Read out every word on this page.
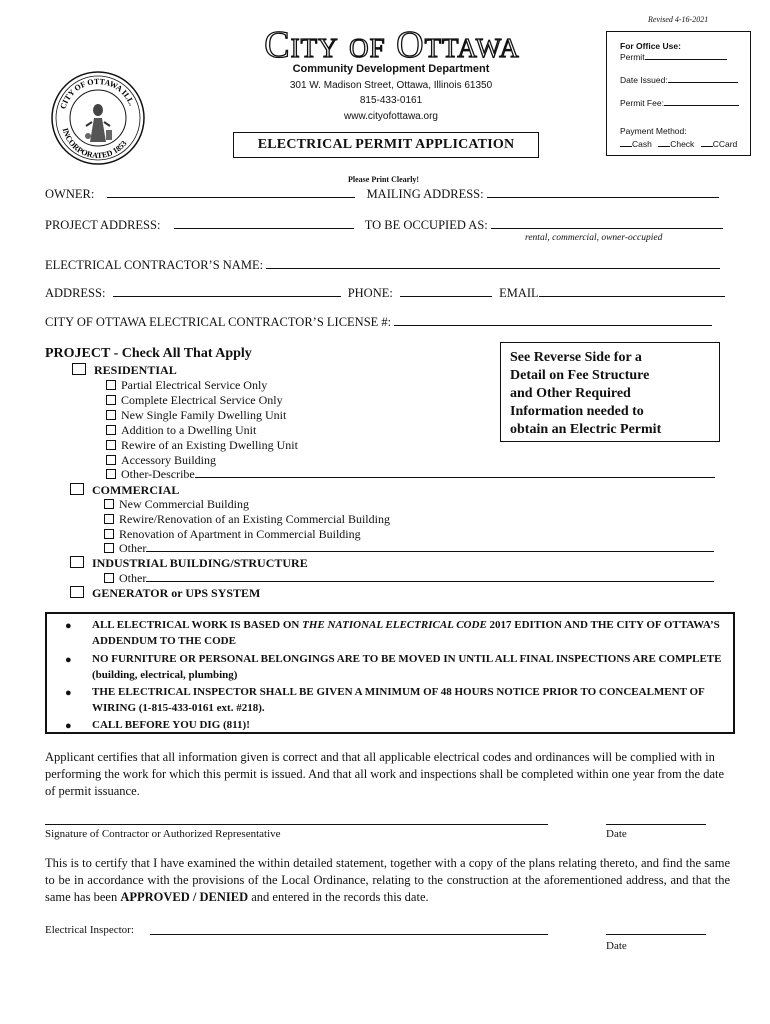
CITY OF OTTAWA ILL.
INCORPORATED 1853
City of Ottawa
Community Development Department
301 W. Madison Street, Ottawa, Illinois 61350
815-433-0161
www.cityofottawa.org
ELECTRICAL PERMIT APPLICATION
Revised 4-16-2021
For Office Use:
Permit
Date Issued:
Permit Fee:
Payment Method:
Cash Check CCard
Please Print Clearly!
OWNER:	MAILING ADDRESS:
PROJECT ADDRESS:	TO BE OCCUPIED AS:
rental, commercial, owner-occupied
ELECTRICAL CONTRACTOR’S NAME:
ADDRESS:	PHONE:	EMAIL
CITY OF OTTAWA ELECTRICAL CONTRACTOR’S LICENSE #:
PROJECT - Check All That Apply
RESIDENTIAL
Partial Electrical Service Only
Complete Electrical Service Only
New Single Family Dwelling Unit
Addition to a Dwelling Unit
Rewire of an Existing Dwelling Unit
Accessory Building
Other-Describe
COMMERCIAL
New Commercial Building
Rewire/Renovation of an Existing Commercial Building
Renovation of Apartment in Commercial Building
Other
INDUSTRIAL BUILDING/STRUCTURE
Other
GENERATOR or UPS SYSTEM
See Reverse Side for a
Detail on Fee Structure
and Other Required
Information needed to
obtain an Electric Permit
● ALL ELECTRICAL WORK IS BASED ON THE NATIONAL ELECTRICAL CODE 2017 EDITION AND THE CITY OF OTTAWA’S ADDENDUM TO THE CODE
● NO FURNITURE OR PERSONAL BELONGINGS ARE TO BE MOVED IN UNTIL ALL FINAL INSPECTIONS ARE COMPLETE (building, electrical, plumbing)
● THE ELECTRICAL INSPECTOR SHALL BE GIVEN A MINIMUM OF 48 HOURS NOTICE PRIOR TO CONCEALMENT OF WIRING (1-815-433-0161 ext. #218).
● CALL BEFORE YOU DIG (811)!
Applicant certifies that all information given is correct and that all applicable electrical codes and ordinances will be complied with in performing the work for which this permit is issued. And that all work and inspections shall be completed within one year from the date of permit issuance.
Signature of Contractor or Authorized Representative	Date
This is to certify that I have examined the within detailed statement, together with a copy of the plans relating thereto, and find the same to be in accordance with the provisions of the Local Ordinance, relating to the construction at the aforementioned address, and that the same has been APPROVED / DENIED and entered in the records this date.
Electrical Inspector:
Date
